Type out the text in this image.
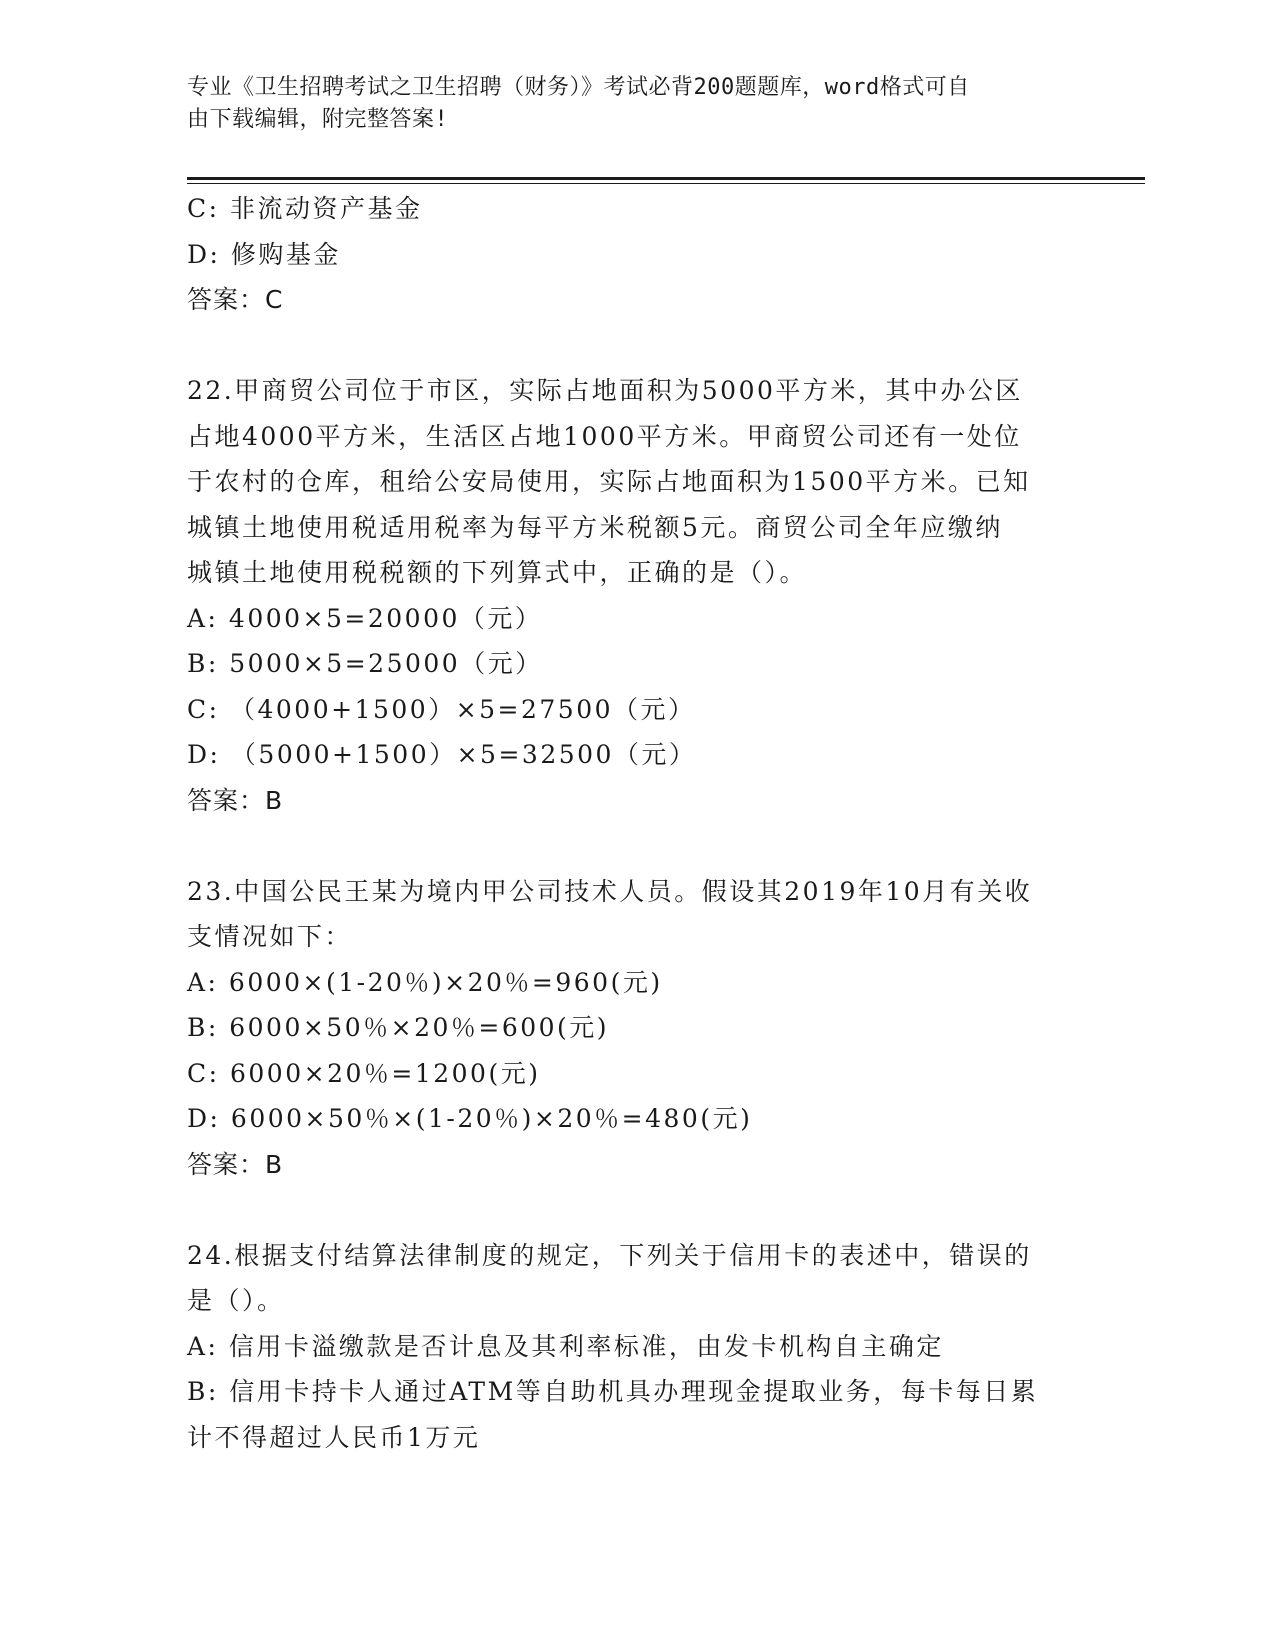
专业《卫生招聘考试之卫生招聘（财务）》考试必背200题题库，word格式可自
由下载编辑，附完整答案!
C: 非流动资产基金
D: 修购基金
答案：C
22.甲商贸公司位于市区，实际占地面积为5000平方米，其中办公区
占地4000平方米，生活区占地1000平方米。甲商贸公司还有一处位
于农村的仓库，租给公安局使用，实际占地面积为1500平方米。已知
城镇土地使用税适用税率为每平方米税额5元。商贸公司全年应缴纳
城镇土地使用税税额的下列算式中，正确的是（）。
A: 4000×5=20000（元）
B: 5000×5=25000（元）
C: （4000+1500）×5=27500（元）
D: （5000+1500）×5=32500（元）
答案：B
23.中国公民王某为境内甲公司技术人员。假设其2019年10月有关收
支情况如下：
A: 6000×(1-20％)×20％=960(元)
B: 6000×50％×20％=600(元)
C: 6000×20％=1200(元)
D: 6000×50％×(1-20％)×20％=480(元)
答案：B
24.根据支付结算法律制度的规定，下列关于信用卡的表述中，错误的
是（）。
A: 信用卡溢缴款是否计息及其利率标准，由发卡机构自主确定
B: 信用卡持卡人通过ATM等自助机具办理现金提取业务，每卡每日累
计不得超过人民币1万元
